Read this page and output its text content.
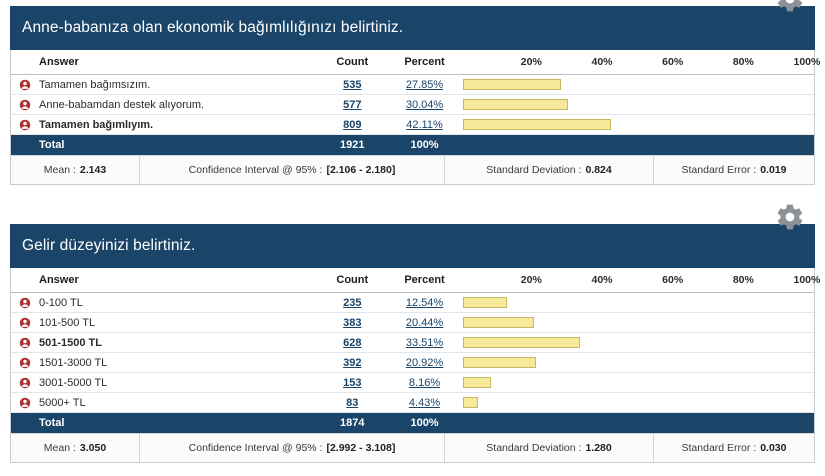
Anne-babanıza olan ekonomik bağımlılığınızı belirtiniz.
Answer	Count	Percent	20% 40% 60% 80% 100%

Tamamen bağımsızım.	535	27.85%	

Anne-babamdan destek alıyorum.	577	30.04%	

Tamamen bağımlıyım.	809	42.11%	

Total	1921	100%	
Mean : 2.143	Confidence Interval @ 95% : [2.106 - 2.180]	Standard Deviation : 0.824	Standard Error : 0.019
Gelir düzeyinizi belirtiniz.
Answer	Count	Percent	20% 40% 60% 80% 100%

0-100 TL	235	12.54%	

101-500 TL	383	20.44%	

501-1500 TL	628	33.51%	

1501-3000 TL	392	20.92%	

3001-5000 TL	153	8.16%	

5000+ TL	83	4.43%	

Total	1874	100%	
Mean : 3.050	Confidence Interval @ 95% : [2.992 - 3.108]	Standard Deviation : 1.280	Standard Error : 0.030
